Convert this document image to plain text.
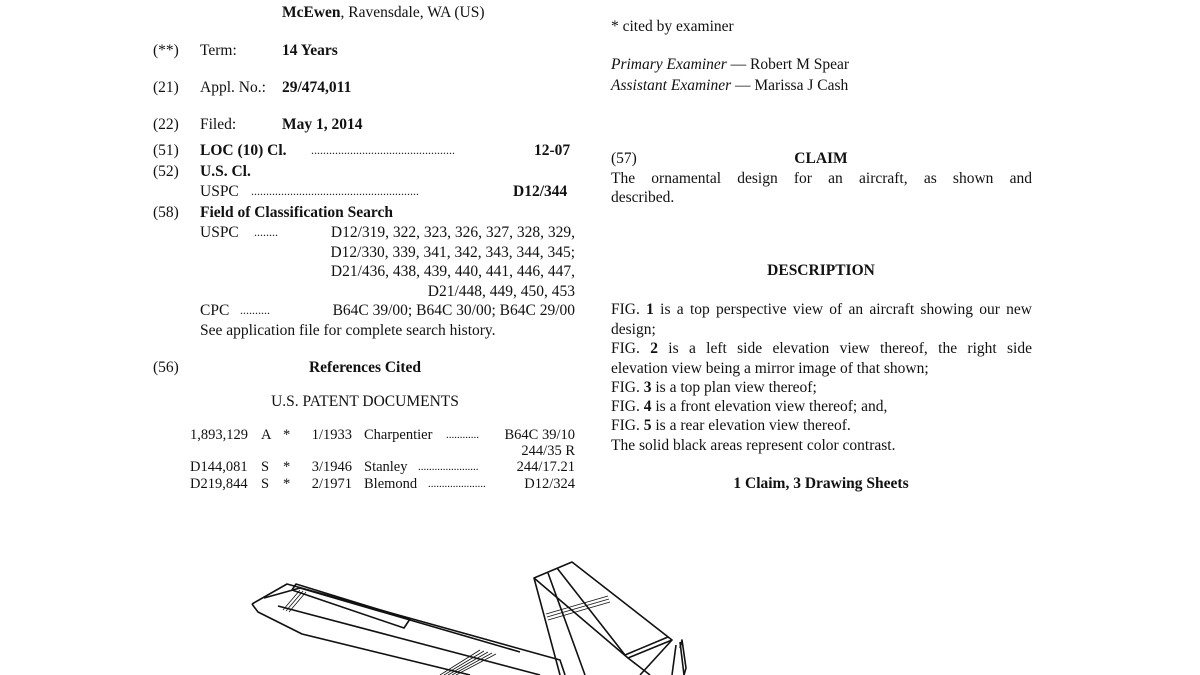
McEwen, Ravensdale, WA (US)
(**) Term:	14 Years
(21) Appl. No.: 29/474,011
(22) Filed:	May 1, 2014
(51) LOC (10) Cl. ................................................	12-07
(52) U.S. Cl.
USPC ........................................................	D12/344
(58) Field of Classification Search
USPC ........	D12/319, 322, 323, 326, 327, 328, 329,
D12/330, 339, 341, 342, 343, 344, 345;
D21/436, 438, 439, 440, 441, 446, 447,
D21/448, 449, 450, 453
CPC ..........	B64C 39/00; B64C 30/00; B64C 29/00
See application file for complete search history.
(56)	References Cited
U.S. PATENT DOCUMENTS
1,893,129 A *	1/1933 Charpentier ............	B64C 39/10
244/35 R
D144,081 S *	3/1946 Stanley ......................	244/17.21
D219,844 S *	2/1971 Blemond .....................	D12/324
* cited by examiner
Primary Examiner — Robert M Spear
Assistant Examiner — Marissa J Cash
(57)	CLAIM
The ornamental design for an aircraft, as shown and
described.
DESCRIPTION
FIG. 1 is a top perspective view of an aircraft showing our new
design;
FIG. 2 is a left side elevation view thereof, the right side
elevation view being a mirror image of that shown;
FIG. 3 is a top plan view thereof;
FIG. 4 is a front elevation view thereof; and,
FIG. 5 is a rear elevation view thereof.
The solid black areas represent color contrast.
1 Claim, 3 Drawing Sheets
